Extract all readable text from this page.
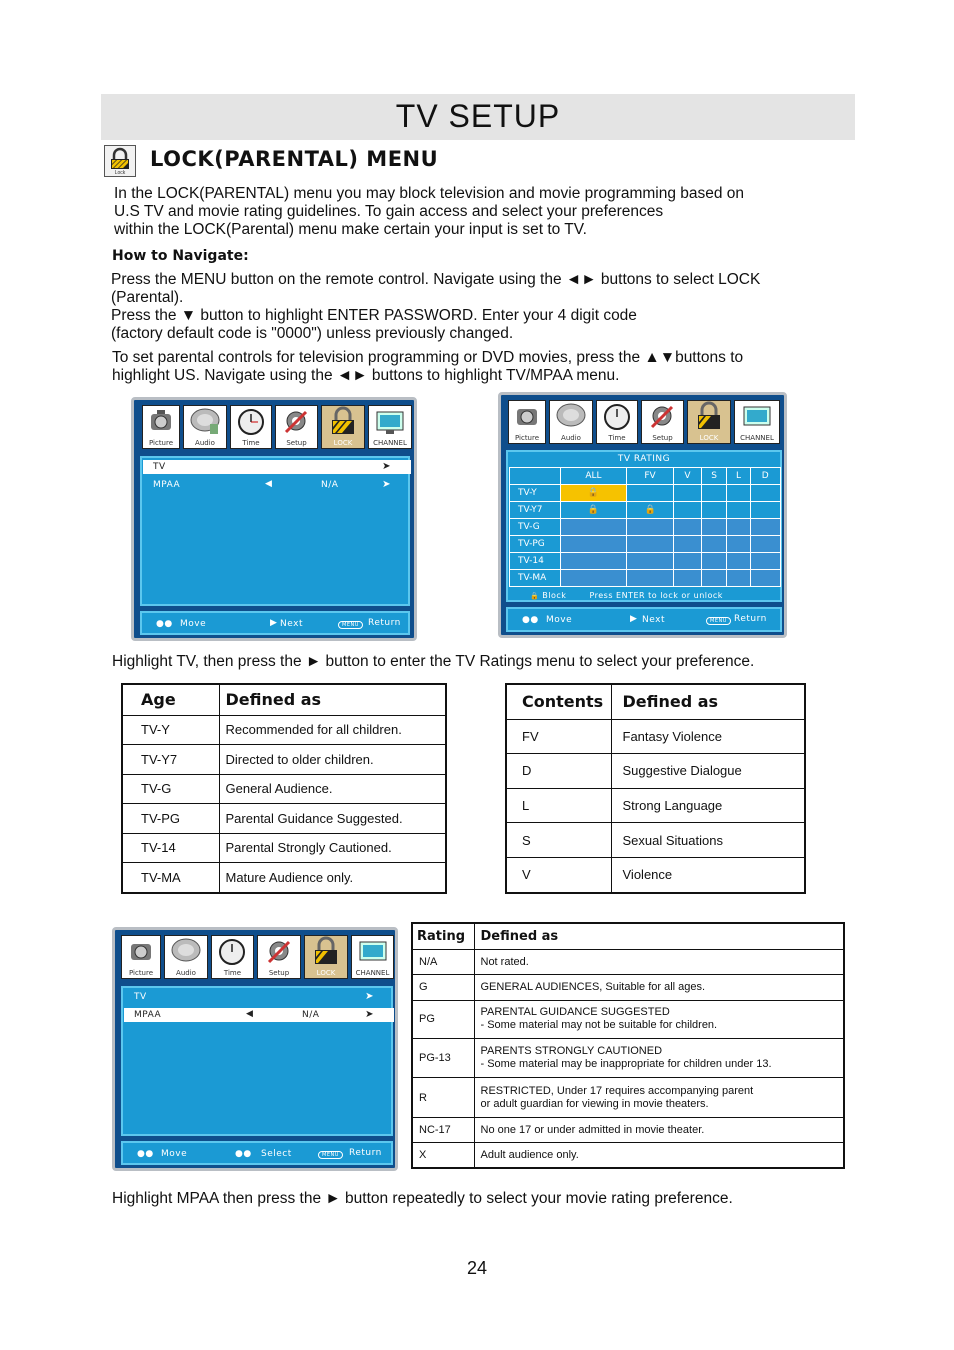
TV SETUP
Lock
LOCK(PARENTAL) MENU
In the LOCK(PARENTAL) menu you may block television and movie programming based on
U.S TV and movie rating guidelines. To gain access and select your preferences
within the LOCK(Parental) menu make certain your input is set to TV.
How to Navigate:
Press the MENU button on the remote control. Navigate using the ◄► buttons to select LOCK
(Parental).
Press the ▼ button to highlight ENTER PASSWORD. Enter your 4 digit code
(factory default code is "0000") unless previously changed.
To set parental controls for television programming or DVD movies, press the ▲▼buttons to
highlight US. Navigate using the ◄► buttons to highlight TV/MPAA menu.
Picture	Audio	Time	Setup	LOCK	CHANNEL
TV	➤
MPAA	◀	N/A	➤
●● Move	▶ Next	MENU	Return
Picture	Audio	Time	Setup	LOCK	CHANNEL
TV RATING
	ALL	FV	V	S	L	D
TV-Y	🔒					
TV-Y7	🔒	🔒				
TV-G						
TV-PG						
TV-14						
TV-MA						
🔒 Block	Press ENTER to lock or unlock
●● Move	▶ Next	MENU Return
Highlight TV, then press the ► button to enter the TV Ratings menu to select your preference.
Age	Defined as
TV-Y	Recommended for all children.
TV-Y7	Directed to older children.
TV-G	General Audience.
TV-PG	Parental Guidance Suggested.
TV-14	Parental Strongly Cautioned.
TV-MA	Mature Audience only.
Contents	Defined as
FV	Fantasy Violence
D	Suggestive Dialogue
L	Strong Language
S	Sexual Situations
V	Violence
Picture	Audio	Time	Setup	LOCK	CHANNEL
TV	➤
MPAA	◀	N/A	➤
●● Move	●● Select	MENU	Return
Rating	Defined as
N/A	Not rated.

G	GENERAL AUDIENCES, Suitable for all ages.

PG	PARENTAL GUIDANCE SUGGESTED
- Some material may not be suitable for children.

PG-13	PARENTS STRONGLY CAUTIONED
- Some material may be inappropriate for children under 13.

R	RESTRICTED, Under 17 requires accompanying parent
or adult guardian for viewing in movie theaters.

NC-17	No one 17 or under admitted in movie theater.

X	Adult audience only.
Highlight MPAA then press the ► button repeatedly to select your movie rating preference.
24
